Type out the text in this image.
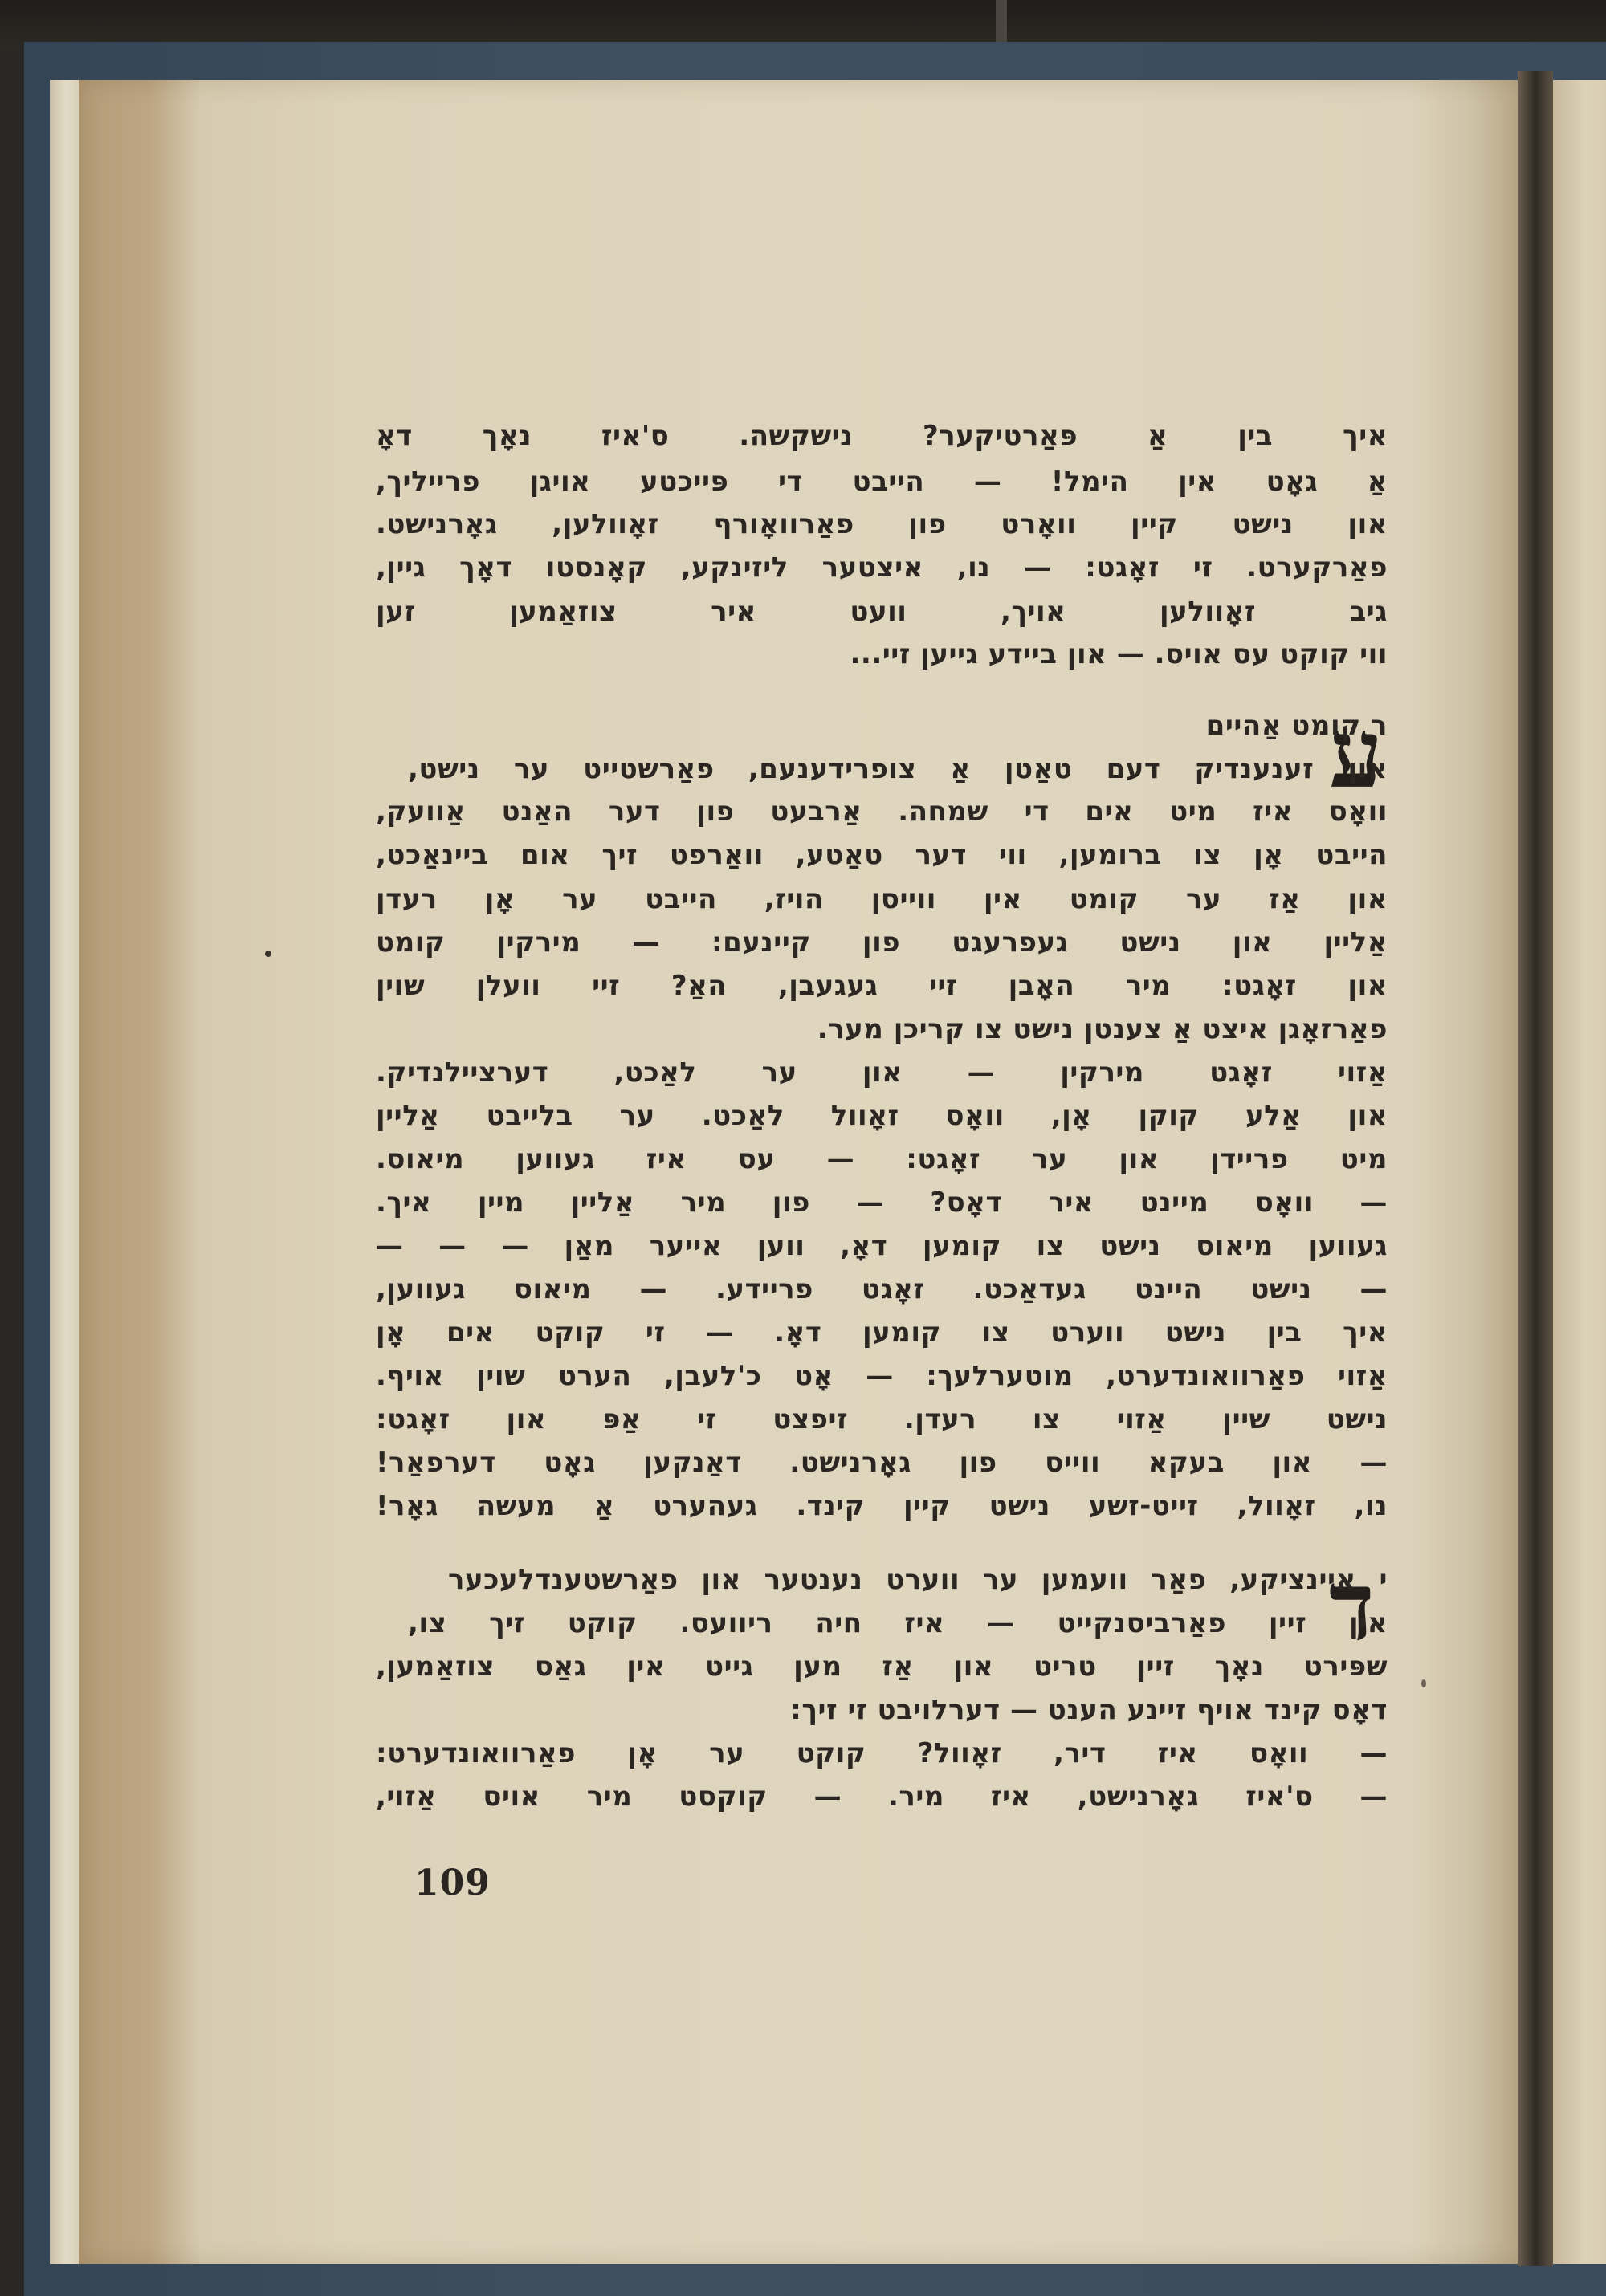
איך בין אַ פּאַרטיקער? נישקשה. ס'איז נאָך דאָ
אַ גאָט אין הימל! — הייבט די פּייכטע אויגן פרייליך,
און נישט קיין וואָרט פון פאַרוואָורף זאָוולען, גאָרנישט.
פאַרקערט. זי זאָגט: — נו, איצטער ליזינקע, קאָנסטו דאָך גיין,
גיב זאָוולען אויך, וועט איר צוזאַמען זען
ווי קוקט עס אויס. — און ביידע גייען זיי...
ע
ר קומט אַהיים
און זענענדיק דעם טאַטן אַ צופרידענעם, פאַרשטייט ער נישט,
וואָס איז מיט אים די שמחה. אַרבעט פון דער האַנט אַוועק,
הייבט אָן צו ברומען, ווי דער טאַטע, וואַרפט זיך אום ביינאַכט,
און אַז ער קומט אין ווייסן הויז, הייבט ער אָן רעדן
אַליין און נישט געפרעגט פון קיינעם: — מירקין קומט
און זאָגט: מיר האָבן זיי געגעבן, האַ? זיי וועלן שוין
פאַרזאָגן איצט אַ צענטן נישט צו קריכן מער.
אַזוי זאָגט מירקין — און ער לאַכט, דערציילנדיק.
און אַלע קוקן אָן, וואָס זאָוול לאַכט. ער בלייבט אַליין
מיט פריידן און ער זאָגט: — עס איז געווען מיאוס.
— וואָס מיינט איר דאָס? — פון מיר אַליין מיין איך.
געווען מיאוס נישט צו קומען דאָ, ווען אייער מאַן — — —
— נישט היינט געדאַכט. זאָגט פריידע. — מיאוס געווען,
איך בין נישט ווערט צו קומען דאָ. — זי קוקט אים אָן
אַזוי פאַרוואונדערט, מוטערלעך: — אָט כ'לעבן, הערט שוין אויף.
נישט שיין אַזוי צו רעדן. זיפצט זי אַפּ און זאָגט:
— און בעקא ווייס פון גאָרנישט. דאַנקען גאָט דערפאַר!
נו, זאָוול, זייט-זשע נישט קיין קינד. געהערט אַ מעשה גאָר!
ד
י איינציקע, פאַר וועמען ער ווערט נענטער און פאַרשטענדלעכער
אין זיין פאַרביסנקייט — איז חיה ריוועס. קוקט זיך צו,
שפּירט נאָך זיין טריט און אַז מען גייט אין גאַס צוזאַמען,
דאָס קינד אויף זיינע הענט — דערלויבט זי זיך:
— וואָס איז דיר, זאָוול? קוקט ער אָן פאַרוואונדערט:
— ס'איז גאָרנישט, איז מיר. — קוקסט מיר אויס אַזוי,
109
